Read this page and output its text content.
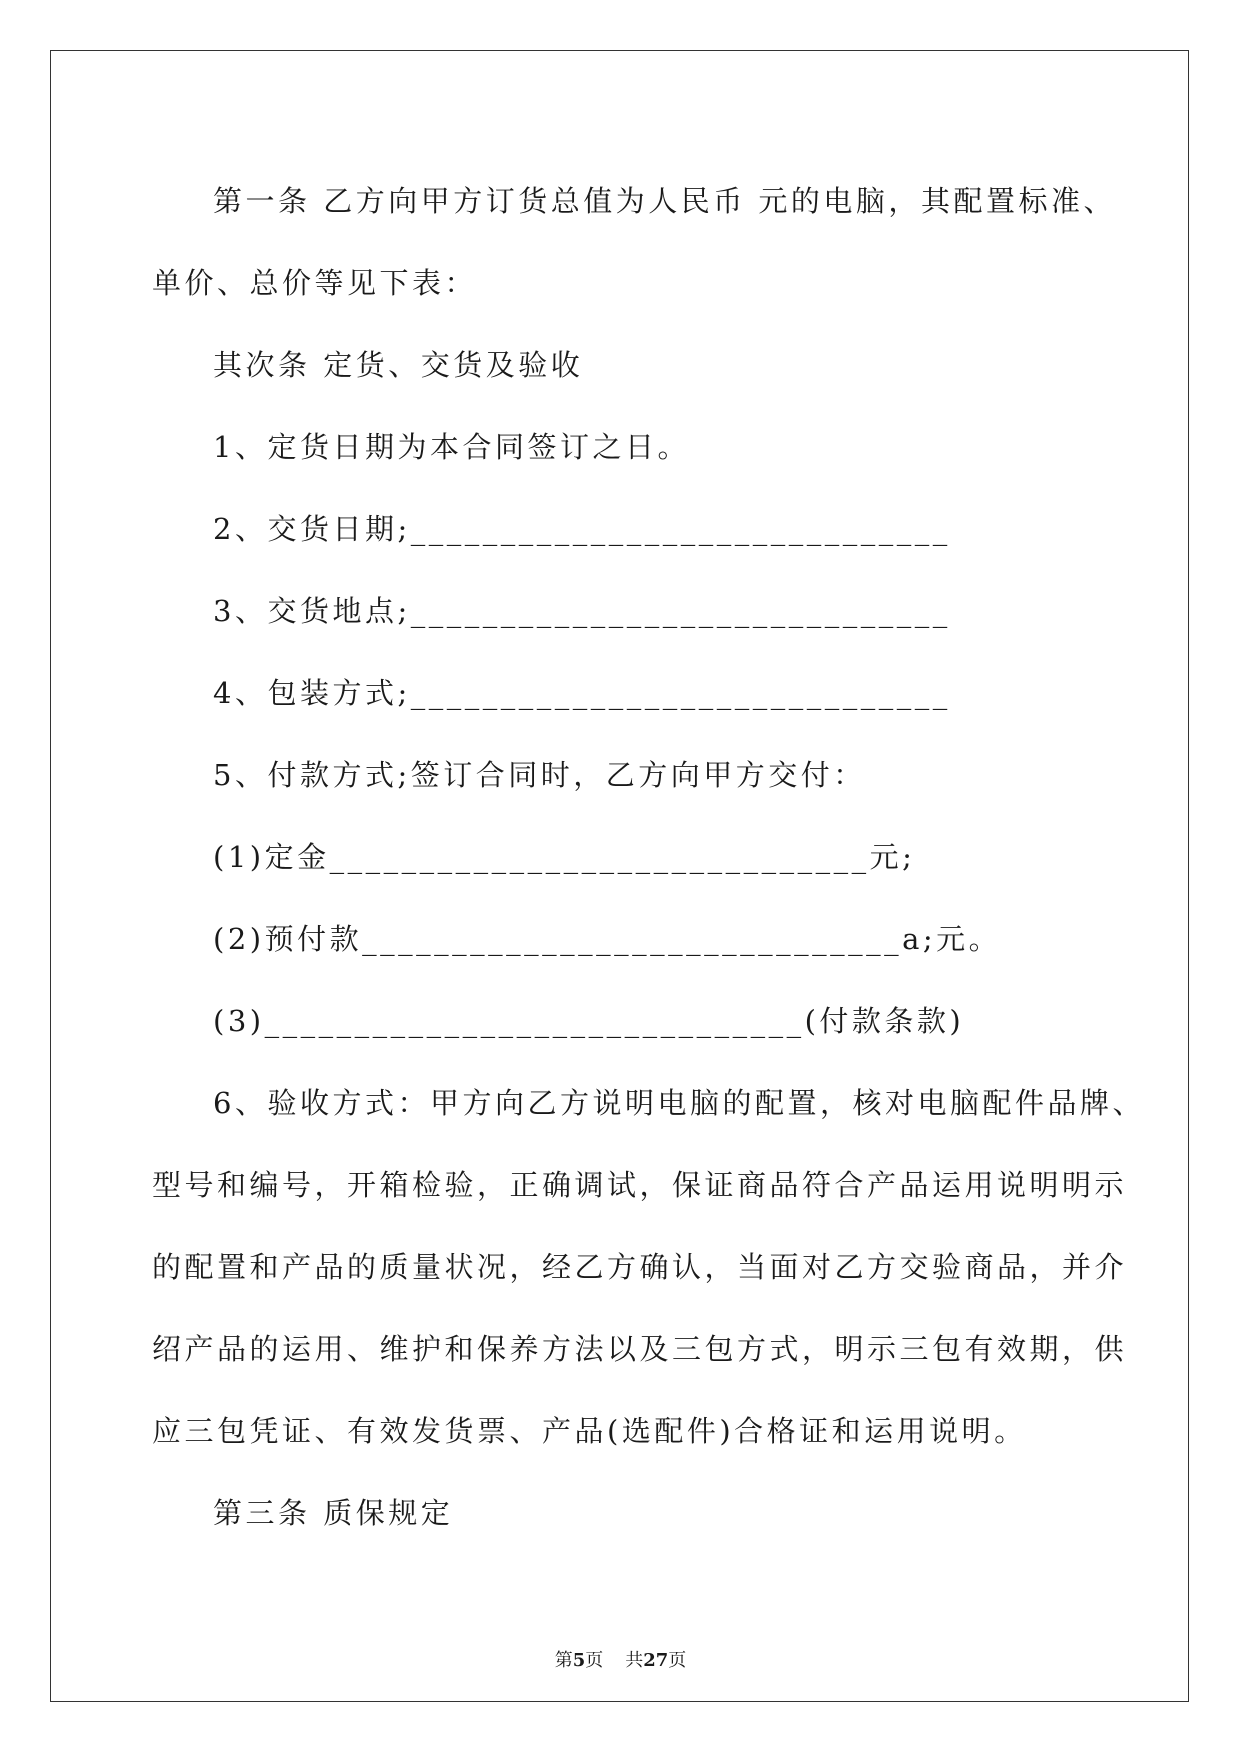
第一条 乙方向甲方订货总值为人民币 元的电脑，其配置标准、

单价、总价等见下表：

其次条 定货、交货及验收

1、定货日期为本合同签订之日。

2、交货日期;______________________________

3、交货地点;______________________________

4、包装方式;______________________________

5、付款方式;签订合同时，乙方向甲方交付：

(1)定金______________________________元;

(2)预付款______________________________a;元。

(3)______________________________(付款条款)

6、验收方式：甲方向乙方说明电脑的配置，核对电脑配件品牌、

型号和编号，开箱检验，正确调试，保证商品符合产品运用说明明示

的配置和产品的质量状况，经乙方确认，当面对乙方交验商品，并介

绍产品的运用、维护和保养方法以及三包方式，明示三包有效期，供

应三包凭证、有效发货票、产品(选配件)合格证和运用说明。

第三条 质保规定

第5页 共27页
